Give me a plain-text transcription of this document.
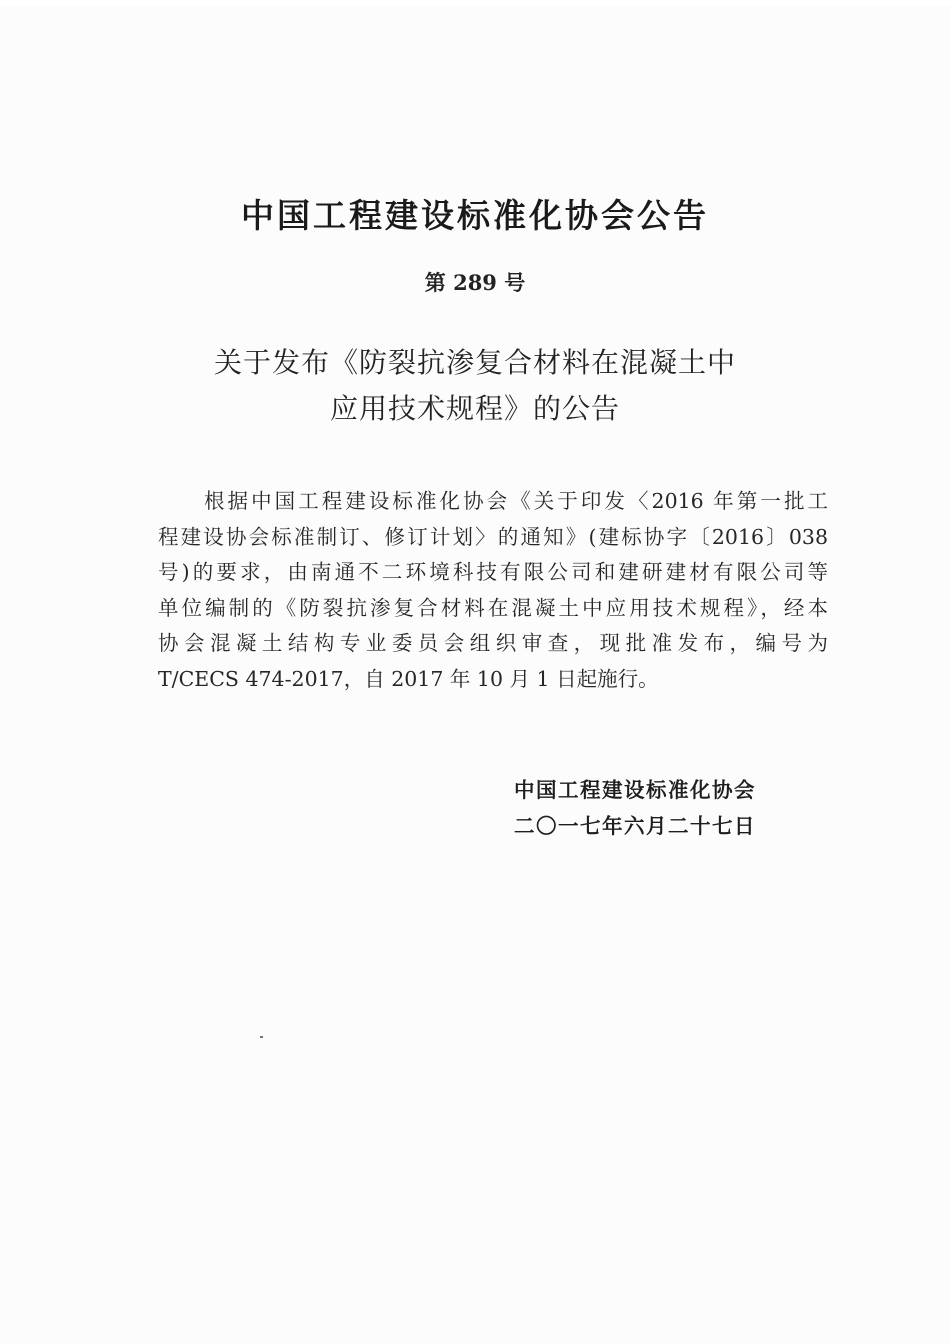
中国工程建设标准化协会公告
第 289 号
关于发布《防裂抗渗复合材料在混凝土中
应用技术规程》的公告
根据中国工程建设标准化协会《关于印发〈2016 年第一批工
程建设协会标准制订、修订计划〉的通知》(建标协字〔2016〕038
号)的要求，由南通不二环境科技有限公司和建研建材有限公司等
单位编制的《防裂抗渗复合材料在混凝土中应用技术规程》，经本
协会混凝土结构专业委员会组织审查，现批准发布，编号为
T/CECS 474-2017，自 2017 年 10 月 1 日起施行。
中国工程建设标准化协会
二〇一七年六月二十七日
